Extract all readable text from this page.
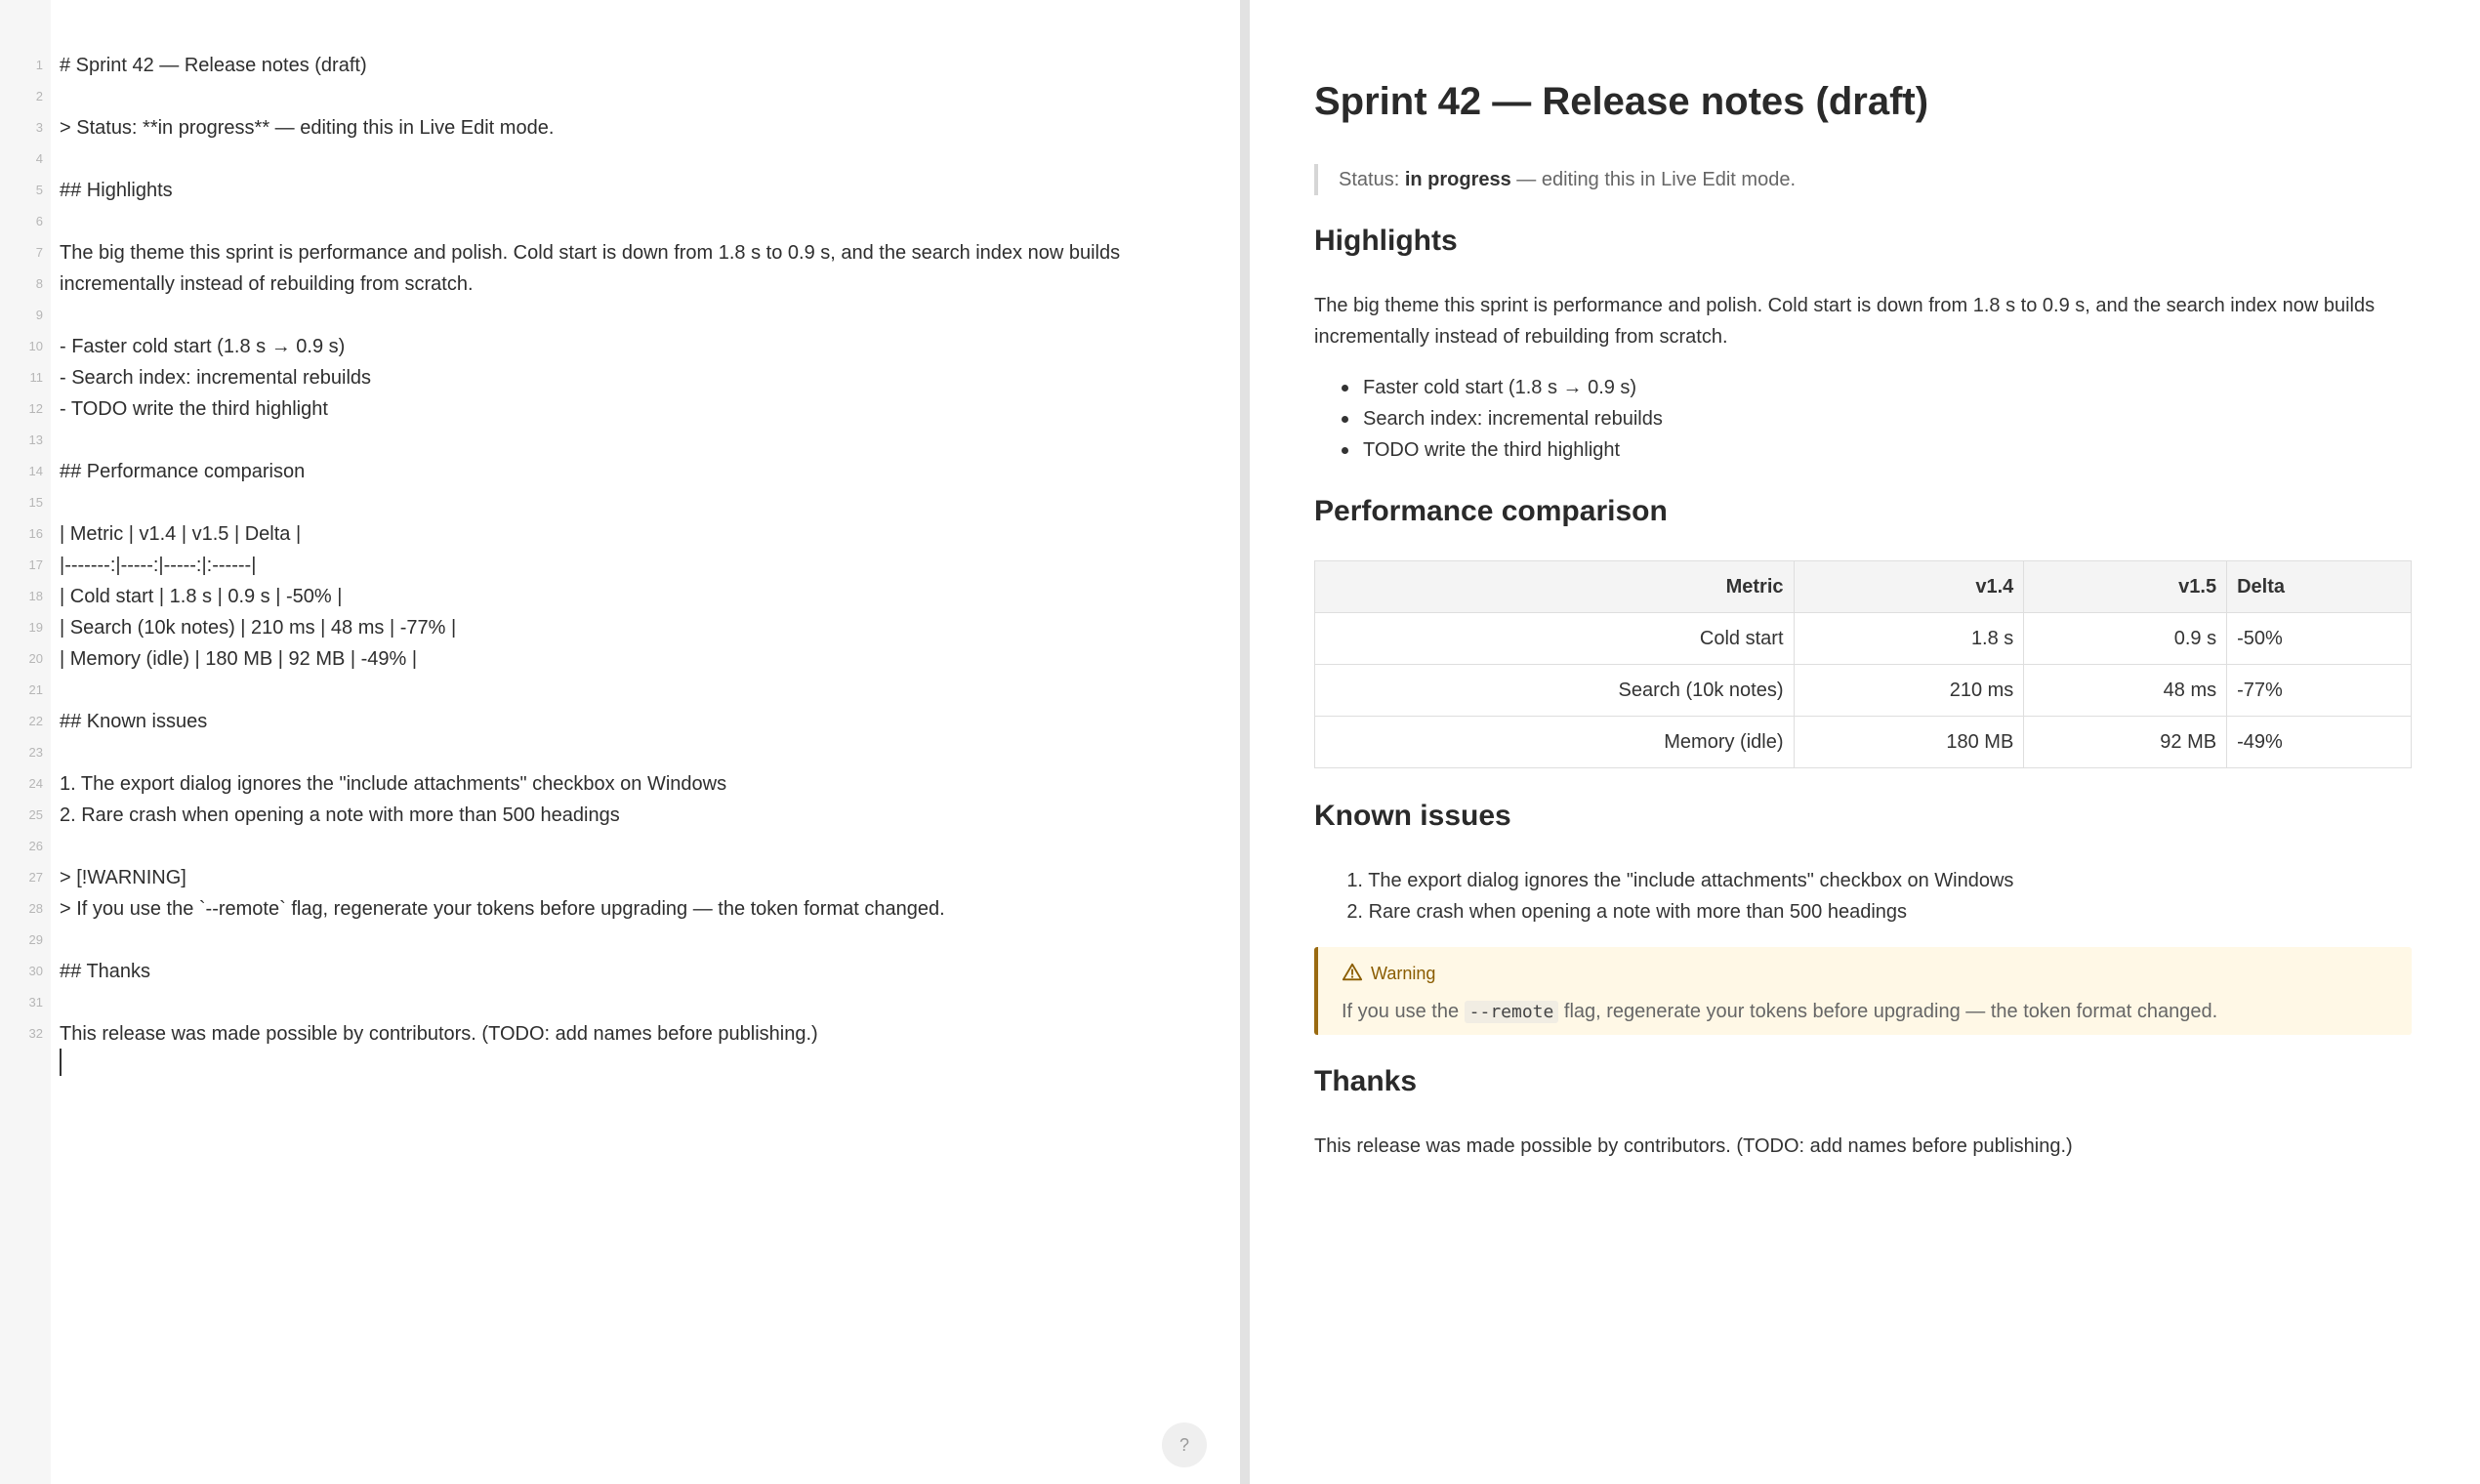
1
2
3
4
5
6
7
8
9
10
11
12
13
14
15
16
17
18
19
20
21
22
23
24
25
26
27
28
29
30
31
32
# Sprint 42 — Release notes (draft)
> Status: **in progress** — editing this in Live Edit mode.
## Highlights
The big theme this sprint is performance and polish. Cold start is down from 1.8 s to 0.9 s, and the search index now builds
incrementally instead of rebuilding from scratch.
- Faster cold start (1.8 s → 0.9 s)
- Search index: incremental rebuilds
- TODO write the third highlight
## Performance comparison
| Metric | v1.4 | v1.5 | Delta |
|-------:|-----:|-----:|:------|
| Cold start | 1.8 s | 0.9 s | -50% |
| Search (10k notes) | 210 ms | 48 ms | -77% |
| Memory (idle) | 180 MB | 92 MB | -49% |
## Known issues
1. The export dialog ignores the "include attachments" checkbox on Windows
2. Rare crash when opening a note with more than 500 headings
> [!WARNING]
> If you use the `--remote` flag, regenerate your tokens before upgrading — the token format changed.
## Thanks
This release was made possible by contributors. (TODO: add names before publishing.)
?
Sprint 42 — Release notes (draft)
Status: in progress — editing this in Live Edit mode.
Highlights
The big theme this sprint is performance and polish. Cold start is down from 1.8 s to 0.9 s, and the search index now builds incrementally instead of rebuilding from scratch.
Faster cold start (1.8 s → 0.9 s)
Search index: incremental rebuilds
TODO write the third highlight
Performance comparison
Metric	v1.4	v1.5	Delta
Cold start	1.8 s	0.9 s	-50%
Search (10k notes)	210 ms	48 ms	-77%
Memory (idle)	180 MB	92 MB	-49%
Known issues
1. The export dialog ignores the "include attachments" checkbox on Windows
2. Rare crash when opening a note with more than 500 headings
Warning
If you use the --remote flag, regenerate your tokens before upgrading — the token format changed.
Thanks
This release was made possible by contributors. (TODO: add names before publishing.)
